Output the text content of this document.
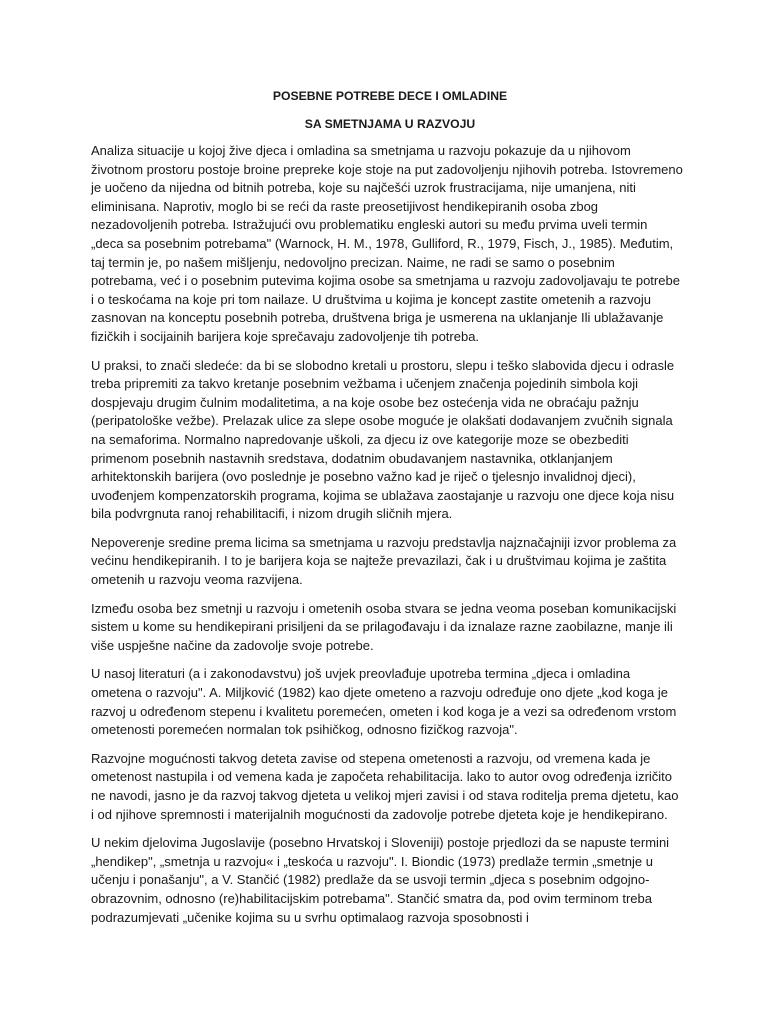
POSEBNE POTREBE DECE I OMLADINE

SA SMETNJAMA U RAZVOJU

Analiza situacije u kojoj žive djeca i omladina sa smetnjama u razvoju pokazuje da u njihovom životnom prostoru postoje broine prepreke koje stoje na put zadovoljenju njihovih potreba. Istovremeno je uočeno da nijedna od bitnih potreba, koje su najčešći uzrok frustracijama, nije umanjena, niti eliminisana. Naprotiv, moglo bi se reći da raste preosetijivost hendikepiranih osoba zbog nezadovoljenih potreba. Istražujući ovu problematiku engleski autori su među prvima uveli termin „deca sa posebnim potrebama" (Warnock, H. M., 1978, Gulliford, R., 1979, Fisch, J., 1985). Međutim, taj termin je, po našem mišljenju, nedovoljno precizan. Naime, ne radi se samo o posebnim potrebama, već i o posebnim putevima kojima osobe sa smetnjama u razvoju zadovoljavaju te potrebe i o teskoćama na koje pri tom nailaze. U društvima u kojima je koncept zastite ometenih a razvoju zasnovan na konceptu posebnih potreba, društvena briga je usmerena na uklanjanje Ili ublažavanje fizičkih i socijainih barijera koje sprečavaju zadovoljenje tih potreba.

U praksi, to znači sledeće: da bi se slobodno kretali u prostoru, slepu i teško slabovida djecu i odrasle treba pripremiti za takvo kretanje posebnim vežbama i učenjem značenja pojedinih simbola koji dospjevaju drugim čulnim modalitetima, a na koje osobe bez ostećenja vida ne obraćaju pažnju (peripatološke vežbe). Prelazak ulice za slepe osobe moguće je olakšati dodavanjem zvučnih signala na semaforima. Normalno napredovanje uškoli, za djecu iz ove kategorije moze se obezbediti primenom posebnih nastavnih sredstava, dodatnim obudavanjem nastavnika, otklanjanjem arhitektonskih barijera (ovo poslednje je posebno važno kad je riječ o tjelesnjo invalidnoj djeci), uvođenjem kompenzatorskih programa, kojima se ublažava zaostajanje u razvoju one djece koja nisu bila podvrgnuta ranoj rehabilitacifi, i nizom drugih sličnih mjera.

Nepoverenje sredine prema licima sa smetnjama u razvoju predstavlja najznačajniji izvor problema za većinu hendikepiranih. I to je barijera koja se najteže prevazilazi, čak i u društvimau kojima je zaštita ometenih u razvoju veoma razvijena.

Između osoba bez smetnji u razvoju i ometenih osoba stvara se jedna veoma poseban komunikacijski sistem u kome su hendikepirani prisiljeni da se prilagođavaju i da iznalaze razne zaobilazne, manje ili više uspješne načine da zadovolje svoje potrebe.

U nasoj literaturi (a i zakonodavstvu) još uvjek preovlađuje upotreba termina „djeca i omladina ometena o razvoju". A. Miljković (1982) kao djete ometeno a razvoju određuje ono djete „kod koga je razvoj u određenom stepenu i kvalitetu poremećen, ometen i kod koga je a vezi sa određenom vrstom ometenosti poremećen normalan tok psihičkog, odnosno fizičkog razvoja".

Razvojne mogućnosti takvog deteta zavise od stepena ometenosti a razvoju, od vremena kada je ometenost nastupila i od vemena kada je započeta rehabilitacija. lako to autor ovog određenja izričito ne navodi, jasno je da razvoj takvog djeteta u velikoj mjeri zavisi i od stava roditelja prema djetetu, kao i od njihove spremnosti i materijalnih mogućnosti da zadovolje potrebe djeteta koje je hendikepirano.

U nekim djelovima Jugoslavije (posebno Hrvatskoj i Sloveniji) postoje prjedlozi da se napuste termini „hendikep", „smetnja u razvoju« i „teskoća u razvoju". I. Biondic (1973) predlaže termin „smetnje u učenju i ponašanju", a V. Stančić (1982) predlaže da se usvoji termin „djeca s posebnim odgojno-obrazovnim, odnosno (re)habilitacijskim potrebama". Stančić smatra da, pod ovim terminom treba podrazumjevati „učenike kojima su u svrhu optimalaog razvoja sposobnosti i
